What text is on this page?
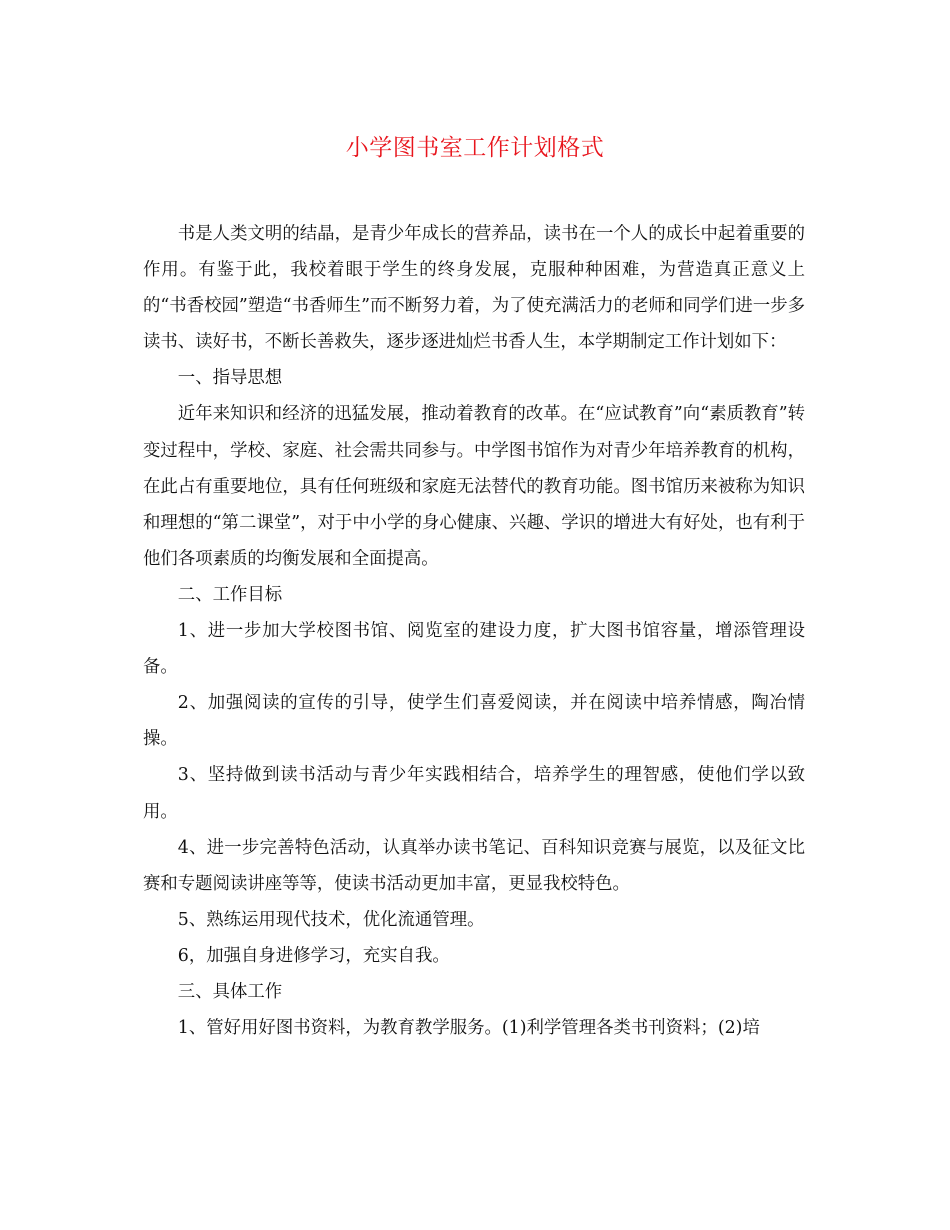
小学图书室工作计划格式

书是人类文明的结晶，是青少年成长的营养品，读书在一个人的成长中起着重要的作用。有鉴于此，我校着眼于学生的终身发展，克服种种困难，为营造真正意义上的“书香校园”塑造“书香师生”而不断努力着，为了使充满活力的老师和同学们进一步多读书、读好书，不断长善救失，逐步逐进灿烂书香人生，本学期制定工作计划如下：

一、指导思想

近年来知识和经济的迅猛发展，推动着教育的改革。在“应试教育”向“素质教育”转变过程中，学校、家庭、社会需共同参与。中学图书馆作为对青少年培养教育的机构，在此占有重要地位，具有任何班级和家庭无法替代的教育功能。图书馆历来被称为知识和理想的“第二课堂”，对于中小学的身心健康、兴趣、学识的增进大有好处，也有利于他们各项素质的均衡发展和全面提高。

二、工作目标

1、进一步加大学校图书馆、阅览室的建设力度，扩大图书馆容量，增添管理设备。

2、加强阅读的宣传的引导，使学生们喜爱阅读，并在阅读中培养情感，陶冶情操。

3、坚持做到读书活动与青少年实践相结合，培养学生的理智感，使他们学以致用。

4、进一步完善特色活动，认真举办读书笔记、百科知识竞赛与展览，以及征文比赛和专题阅读讲座等等，使读书活动更加丰富，更显我校特色。

5、熟练运用现代技术，优化流通管理。

6，加强自身进修学习，充实自我。

三、具体工作

1、管好用好图书资料，为教育教学服务。(1)利学管理各类书刊资料；(2)培
